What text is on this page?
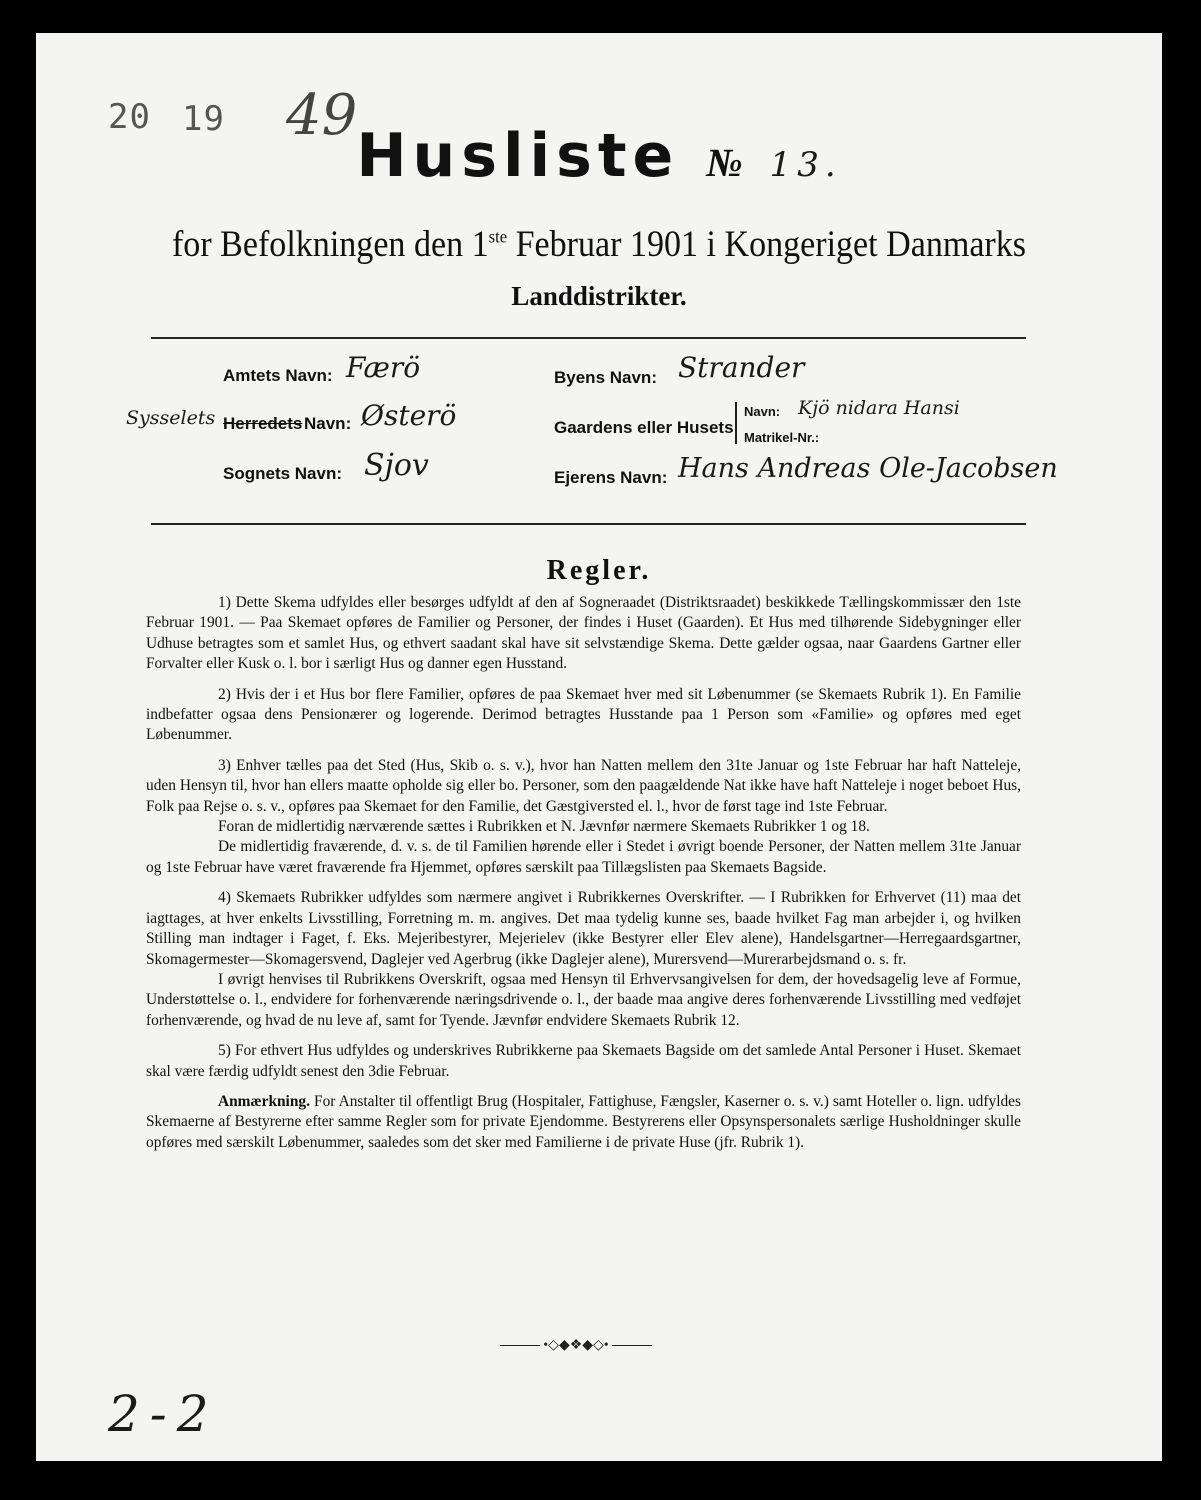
20 19 49
Husliste № 13.
for Befolkningen den 1ste Februar 1901 i Kongeriget Danmarks
Landdistrikter.
Amtets Navn: Færö
Sysselets Herredets Navn: Østerö
Sognets Navn: Sjov
Byens Navn: Strander
Gaardens eller Husets
Navn: Kjö nidara Hansi
Matrikel-Nr.:
Ejerens Navn: Hans Andreas Ole-Jacobsen
Regler.

1) Dette Skema udfyldes eller besørges udfyldt af den af Sogneraadet (Distriktsraadet) beskikkede Tællingskommissær den 1ste Februar 1901. — Paa Skemaet opføres de Familier og Personer, der findes i Huset (Gaarden). Et Hus med tilhørende Sidebygninger eller Udhuse betragtes som et samlet Hus, og ethvert saadant skal have sit selvstændige Skema. Dette gælder ogsaa, naar Gaardens Gartner eller Forvalter eller Kusk o. l. bor i særligt Hus og danner egen Husstand.

2) Hvis der i et Hus bor flere Familier, opføres de paa Skemaet hver med sit Løbenummer (se Skemaets Rubrik 1). En Familie indbefatter ogsaa dens Pensionærer og logerende. Derimod betragtes Husstande paa 1 Person som «Familie» og opføres med eget Løbenummer.

3) Enhver tælles paa det Sted (Hus, Skib o. s. v.), hvor han Natten mellem den 31te Januar og 1ste Februar har haft Natteleje, uden Hensyn til, hvor han ellers maatte opholde sig eller bo. Personer, som den paagældende Nat ikke have haft Natteleje i noget beboet Hus, Folk paa Rejse o. s. v., opføres paa Skemaet for den Familie, det Gæstgiversted el. l., hvor de først tage ind 1ste Februar.

Foran de midlertidig nærværende sættes i Rubrikken et N. Jævnfør nærmere Skemaets Rubrikker 1 og 18.

De midlertidig fraværende, d. v. s. de til Familien hørende eller i Stedet i øvrigt boende Personer, der Natten mellem 31te Januar og 1ste Februar have været fraværende fra Hjemmet, opføres særskilt paa Tillægslisten paa Skemaets Bagside.

4) Skemaets Rubrikker udfyldes som nærmere angivet i Rubrikkernes Overskrifter. — I Rubrikken for Erhvervet (11) maa det iagttages, at hver enkelts Livsstilling, Forretning m. m. angives. Det maa tydelig kunne ses, baade hvilket Fag man arbejder i, og hvilken Stilling man indtager i Faget, f. Eks. Mejeribestyrer, Mejerielev (ikke Bestyrer eller Elev alene), Handelsgartner—Herregaardsgartner, Skomagermester—Skomagersvend, Daglejer ved Agerbrug (ikke Daglejer alene), Murersvend—Murerarbejdsmand o. s. fr.

I øvrigt henvises til Rubrikkens Overskrift, ogsaa med Hensyn til Erhvervsangivelsen for dem, der hovedsagelig leve af Formue, Understøttelse o. l., endvidere for forhenværende næringsdrivende o. l., der baade maa angive deres forhenværende Livsstilling med vedføjet forhenværende, og hvad de nu leve af, samt for Tyende. Jævnfør endvidere Skemaets Rubrik 12.

5) For ethvert Hus udfyldes og underskrives Rubrikkerne paa Skemaets Bagside om det samlede Antal Personer i Huset. Skemaet skal være færdig udfyldt senest den 3die Februar.

Anmærkning. For Anstalter til offentligt Brug (Hospitaler, Fattighuse, Fængsler, Kaserner o. s. v.) samt Hoteller o. lign. udfyldes Skemaerne af Bestyrerne efter samme Regler som for private Ejendomme. Bestyrerens eller Opsynspersonalets særlige Husholdninger skulle opføres med særskilt Løbenummer, saaledes som det sker med Familierne i de private Huse (jfr. Rubrik 1).

•◇◆❖◆◇•
2-2
